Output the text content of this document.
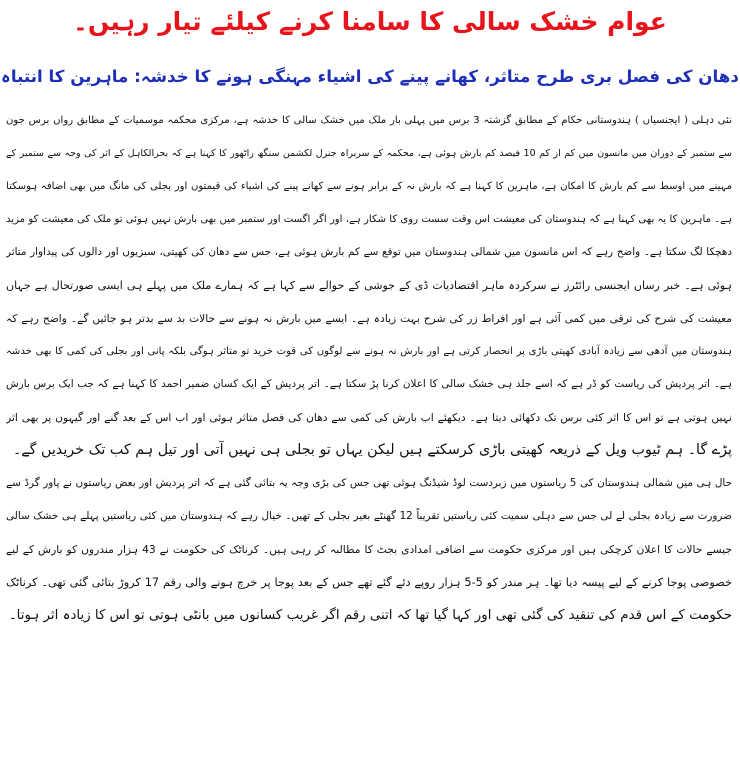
عوام خشک سالی کا سامنا کرنے کیلئے تیار رہیں۔
دھان کی فصل بری طرح متاثر، کھانے پینے کی اشیاء مہنگی ہونے کا خدشہ: ماہرین کا انتباہ
نئی دہلی ( ایجنسیاں ) ہندوستانی حکام کے مطابق گزشتہ 3 برس میں پہلی بار ملک میں خشک سالی کا خدشہ ہے، مرکزی محکمہ موسمیات کے مطابق رواں برس جون
سے ستمبر کے دوران میں مانسون میں کم از کم 10 فیصد کم بارش ہوئی ہے، محکمہ کے سربراہ جنرل لکشمن سنگھ راٹھور کا کہنا ہے کہ بحرالکاہل کے اثر کی وجہ سے ستمبر کے
مہینے میں اوسط سے کم بارش کا امکان ہے، ماہرین کا کہنا ہے کہ بارش نہ کے برابر ہونے سے کھانے پینے کی اشیاء کی قیمتوں اور بجلی کی مانگ میں بھی اضافہ ہوسکتا
ہے۔ ماہرین کا یہ بھی کہنا ہے کہ ہندوستان کی معیشت اس وقت سست روی کا شکار ہے، اور اگر اگست اور ستمبر میں بھی بارش نہیں ہوئی تو ملک کی معیشت کو مزید
دھچکا لگ سکتا ہے۔ واضح رہے کہ اس مانسون میں شمالی ہندوستان میں توقع سے کم بارش ہوئی ہے، جس سے دھان کی کھیتی، سبزیوں اور دالوں کی پیداوار متاثر
ہوئی ہے۔ خبر رساں ایجنسی رائٹرز نے سرکردہ ماہر اقتصادیات ڈی کے جوشی کے حوالے سے کہا ہے کہ ہمارے ملک میں پہلے ہی ایسی صورتحال ہے جہاں
معیشت کی شرح کی ترقی میں کمی آئی ہے اور افراط زر کی شرح بہت زیادہ ہے۔ ایسے میں بارش نہ ہونے سے حالات بد سے بدتر ہو جائیں گے۔ واضح رہے کہ
ہندوستان میں آدھی سے زیادہ آبادی کھیتی باڑی پر انحصار کرتی ہے اور بارش نہ ہونے سے لوگوں کی قوت خرید تو متاثر ہوگی بلکہ پانی اور بجلی کی کمی کا بھی خدشہ
ہے۔ اتر پردیش کی ریاست کو ڈر ہے کہ اسے جلد ہی خشک سالی کا اعلان کرنا پڑ سکتا ہے۔ اتر پردیش کے ایک کسان ضمیر احمد کا کہنا ہے کہ جب ایک برس بارش
نہیں ہوتی ہے تو اس کا اثر کئی برس تک دکھائی دیتا ہے۔ دیکھئے اب بارش کی کمی سے دھان کی فصل متاثر ہوئی اور اب اس کے بعد گنے اور گیہوں پر بھی اثر
پڑے گا۔ ہم ٹیوب ویل کے ذریعہ کھیتی باڑی کرسکتے ہیں لیکن یہاں تو بجلی ہی نہیں آتی اور تیل ہم کب تک خریدیں گے۔
حال ہی میں شمالی ہندوستان کی 5 ریاستوں میں زبردست لوڈ شیڈنگ ہوئی تھی جس کی بڑی وجہ یہ بتائی گئی ہے کہ اتر پردیش اور بعض ریاستوں نے پاور گرڈ سے
ضرورت سے زیادہ بجلی لے لی جس سے دہلی سمیت کئی ریاستیں تقریباً 12 گھنٹے بغیر بجلی کے تھیں۔ خیال رہے کہ ہندوستان میں کئی ریاستیں پہلے ہی خشک سالی
جیسے حالات کا اعلان کرچکی ہیں اور مرکزی حکومت سے اضافی امدادی بجٹ کا مطالبہ کر رہی ہیں۔ کرناٹک کی حکومت نے 43 ہزار مندروں کو بارش کے لیے
خصوصی پوجا کرنے کے لیے پیسہ دیا تھا۔ ہر مندر کو 5-5 ہزار روپے دئے گئے تھے جس کے بعد پوجا پر خرچ ہونے والی رقم 17 کروڑ بتائی گئی تھی۔ کرناٹک
حکومت کے اس قدم کی تنقید کی گئی تھی اور کہا گیا تھا کہ اتنی رقم اگر غریب کسانوں میں بانٹی ہوتی تو اس کا زیادہ اثر ہوتا۔
